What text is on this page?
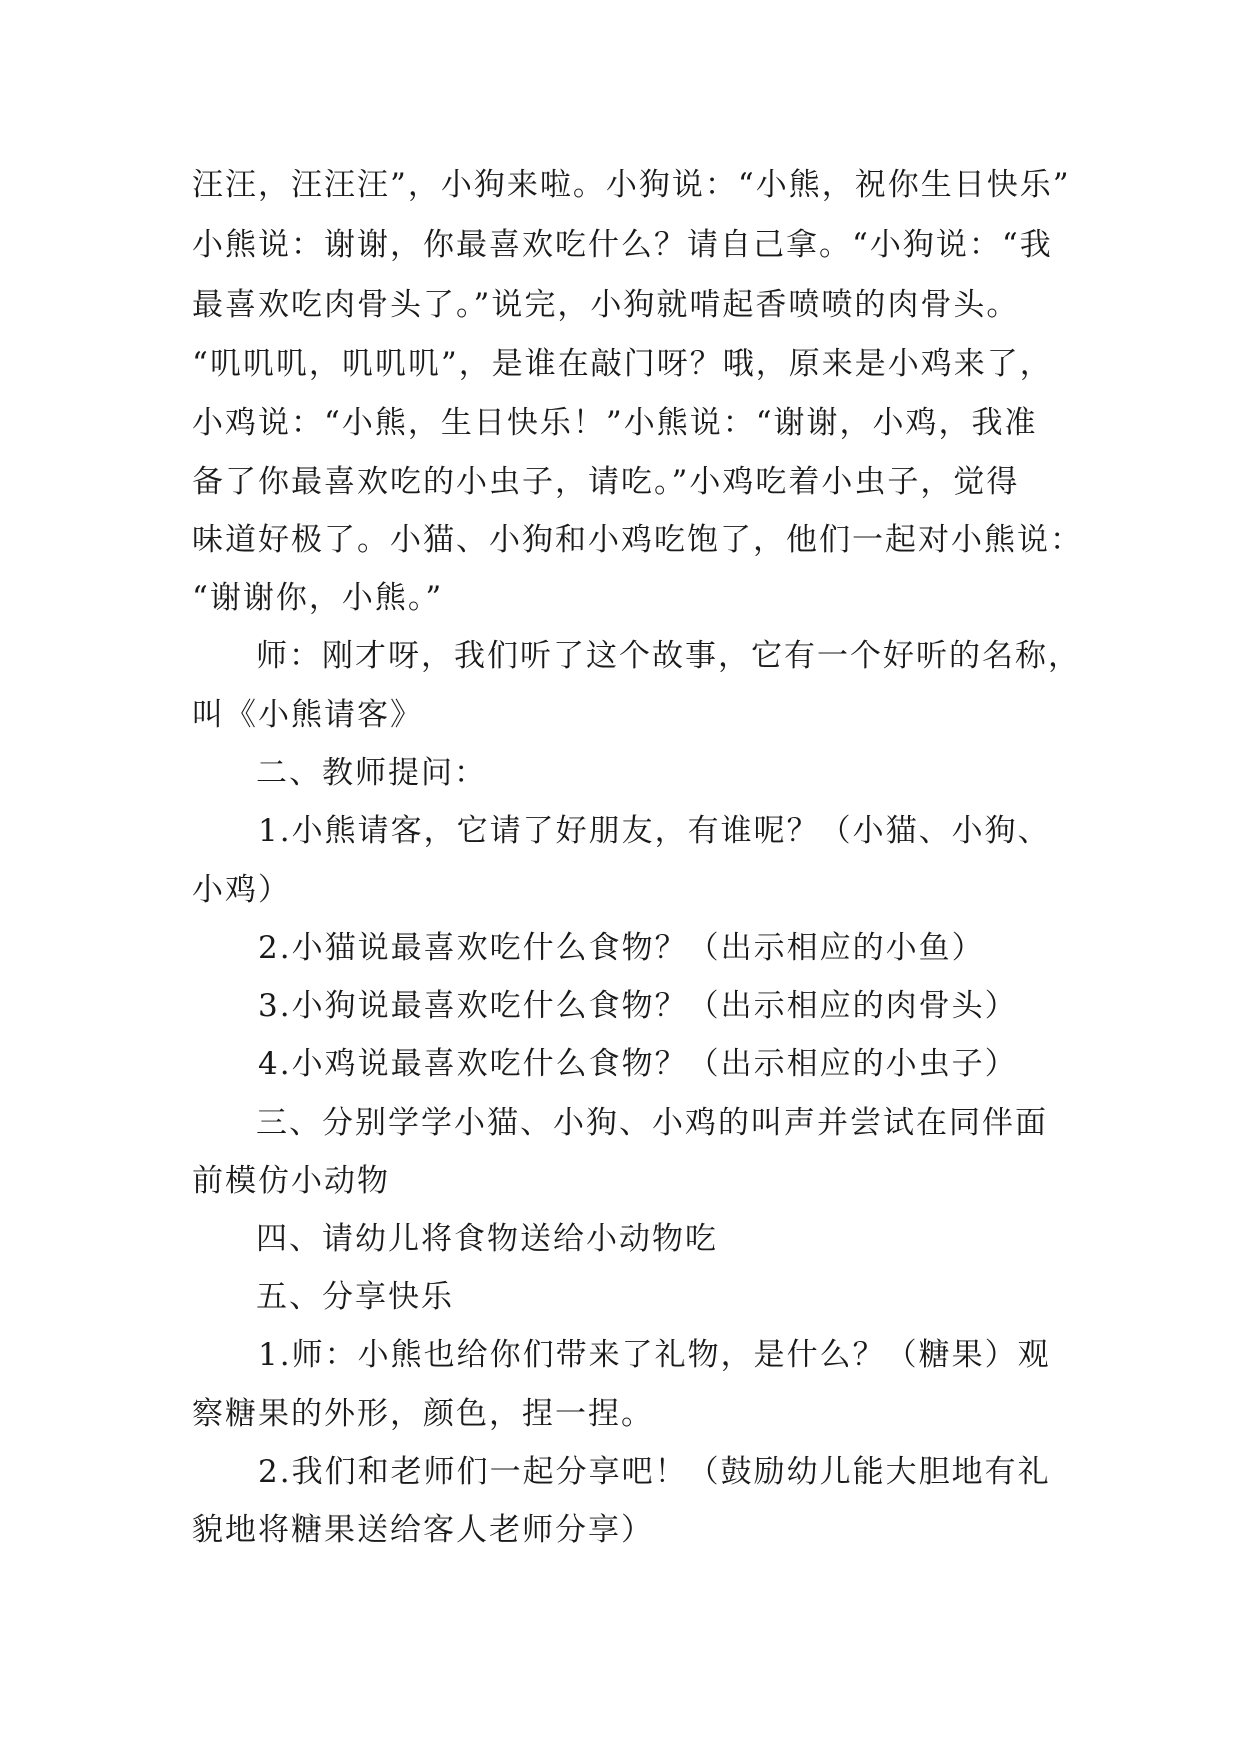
汪汪，汪汪汪”，小狗来啦。小狗说：“小熊，祝你生日快乐”
小熊说：谢谢，你最喜欢吃什么？请自己拿。“小狗说：“我
最喜欢吃肉骨头了。”说完，小狗就啃起香喷喷的肉骨头。
“叽叽叽，叽叽叽”，是谁在敲门呀？哦，原来是小鸡来了，
小鸡说：“小熊，生日快乐！”小熊说：“谢谢，小鸡，我准
备了你最喜欢吃的小虫子，请吃。”小鸡吃着小虫子，觉得
味道好极了。小猫、小狗和小鸡吃饱了，他们一起对小熊说：
“谢谢你，小熊。”
师：刚才呀，我们听了这个故事，它有一个好听的名称，
叫《小熊请客》
二、教师提问：
1.小熊请客，它请了好朋友，有谁呢？（小猫、小狗、
小鸡）
2.小猫说最喜欢吃什么食物？（出示相应的小鱼）
3.小狗说最喜欢吃什么食物？（出示相应的肉骨头）
4.小鸡说最喜欢吃什么食物？（出示相应的小虫子）
三、分别学学小猫、小狗、小鸡的叫声并尝试在同伴面
前模仿小动物
四、请幼儿将食物送给小动物吃
五、分享快乐
1.师：小熊也给你们带来了礼物，是什么？（糖果）观
察糖果的外形，颜色，捏一捏。
2.我们和老师们一起分享吧！（鼓励幼儿能大胆地有礼
貌地将糖果送给客人老师分享）
